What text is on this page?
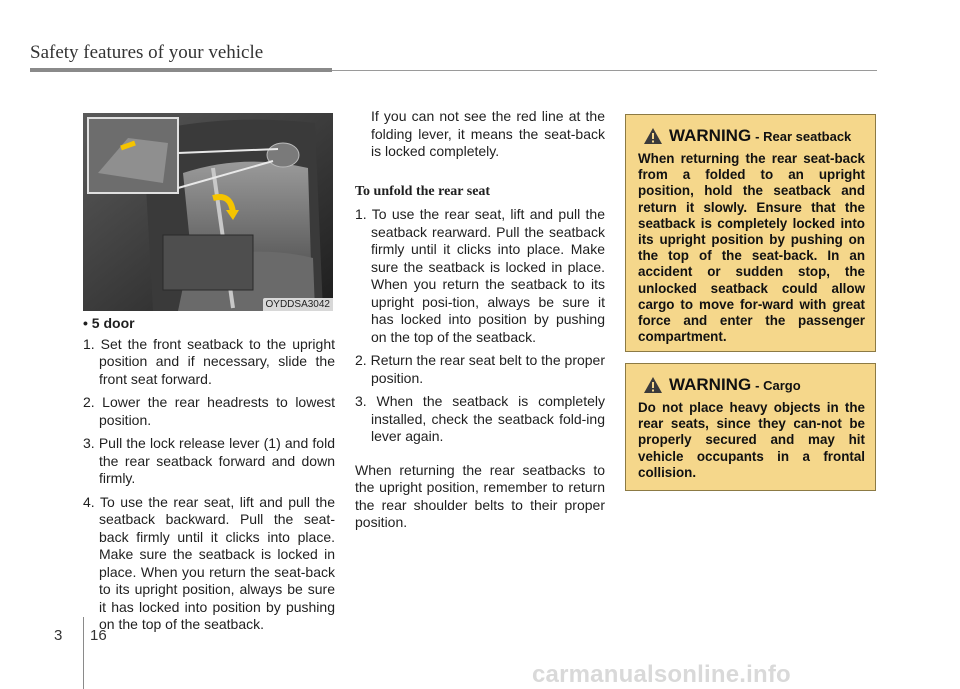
Safety features of your vehicle
OYDDSA3042
• 5 door
1. Set the front seatback to the upright position and if necessary, slide the front seat forward.
2. Lower the rear headrests to lowest position.
3. Pull the lock release lever (1) and fold the rear seatback forward and down firmly.
4. To use the rear seat, lift and pull the seatback backward. Pull the seat-back firmly until it clicks into place. Make sure the seatback is locked in place. When you return the seat-back to its upright position, always be sure it has locked into position by pushing on the top of the seatback.
If you can not see the red line at the folding lever, it means the seat-back is locked completely.
To unfold the rear seat
1. To use the rear seat, lift and pull the seatback rearward. Pull the seatback firmly until it clicks into place. Make sure the seatback is locked in place. When you return the seatback to its upright posi-tion, always be sure it has locked into position by pushing on the top of the seatback.
2. Return the rear seat belt to the proper position.
3. When the seatback is completely installed, check the seatback fold-ing lever again.
When returning the rear seatbacks to the upright position, remember to return the rear shoulder belts to their proper position.
WARNING - Rear seatback
When returning the rear seat-back from a folded to an upright position, hold the seatback and return it slowly. Ensure that the seatback is completely locked into its upright position by pushing on the top of the seat-back. In an accident or sudden stop, the unlocked seatback could allow cargo to move for-ward with great force and enter the passenger compartment.
WARNING - Cargo
Do not place heavy objects in the rear seats, since they can-not be properly secured and may hit vehicle occupants in a frontal collision.
3 16
carmanualsonline.info
